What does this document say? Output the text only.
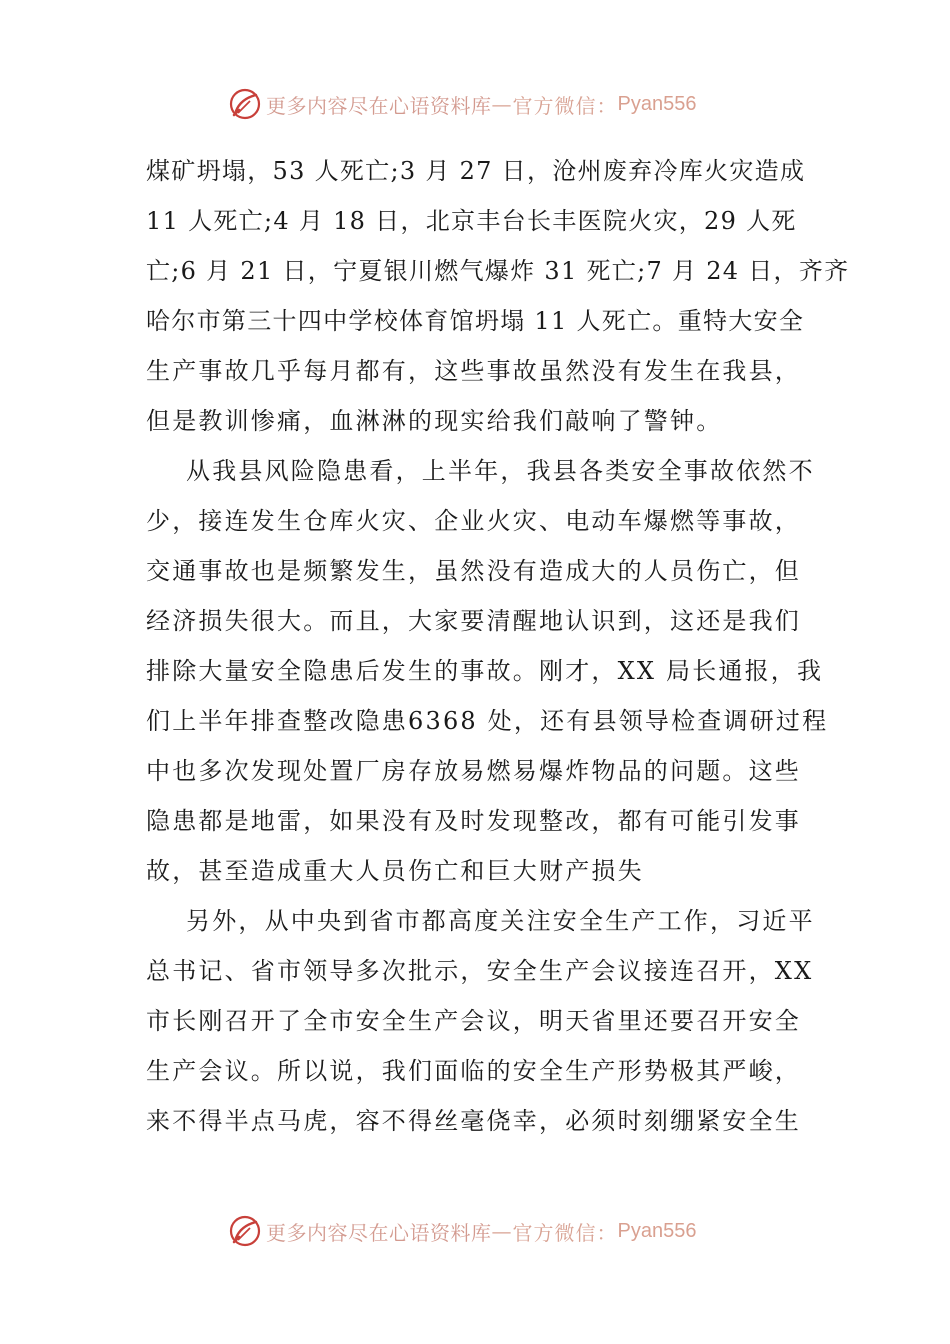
更多内容尽在心语资料库 — 官方微信： Pyan556
煤矿坍塌，53 人死亡;3 月 27 日，沧州废弃冷库火灾造成
11 人死亡;4 月 18 日，北京丰台长丰医院火灾，29 人死
亡;6 月 21 日，宁夏银川燃气爆炸 31 死亡;7 月 24 日，齐齐
哈尔市第三十四中学校体育馆坍塌 11 人死亡。重特大安全
生产事故几乎每月都有，这些事故虽然没有发生在我县，
但是教训惨痛，血淋淋的现实给我们敲响了警钟。
从我县风险隐患看，上半年，我县各类安全事故依然不
少，接连发生仓库火灾、企业火灾、电动车爆燃等事故，
交通事故也是频繁发生，虽然没有造成大的人员伤亡，但
经济损失很大。而且，大家要清醒地认识到，这还是我们
排除大量安全隐患后发生的事故。刚才，XX 局长通报，我
们上半年排查整改隐患6368 处，还有县领导检查调研过程
中也多次发现处置厂房存放易燃易爆炸物品的问题。这些
隐患都是地雷，如果没有及时发现整改，都有可能引发事
故，甚至造成重大人员伤亡和巨大财产损失
另外，从中央到省市都高度关注安全生产工作，习近平
总书记、省市领导多次批示，安全生产会议接连召开，XX
市长刚召开了全市安全生产会议，明天省里还要召开安全
生产会议。所以说，我们面临的安全生产形势极其严峻，
来不得半点马虎，容不得丝毫侥幸，必须时刻绷紧安全生
更多内容尽在心语资料库 — 官方微信： Pyan556
